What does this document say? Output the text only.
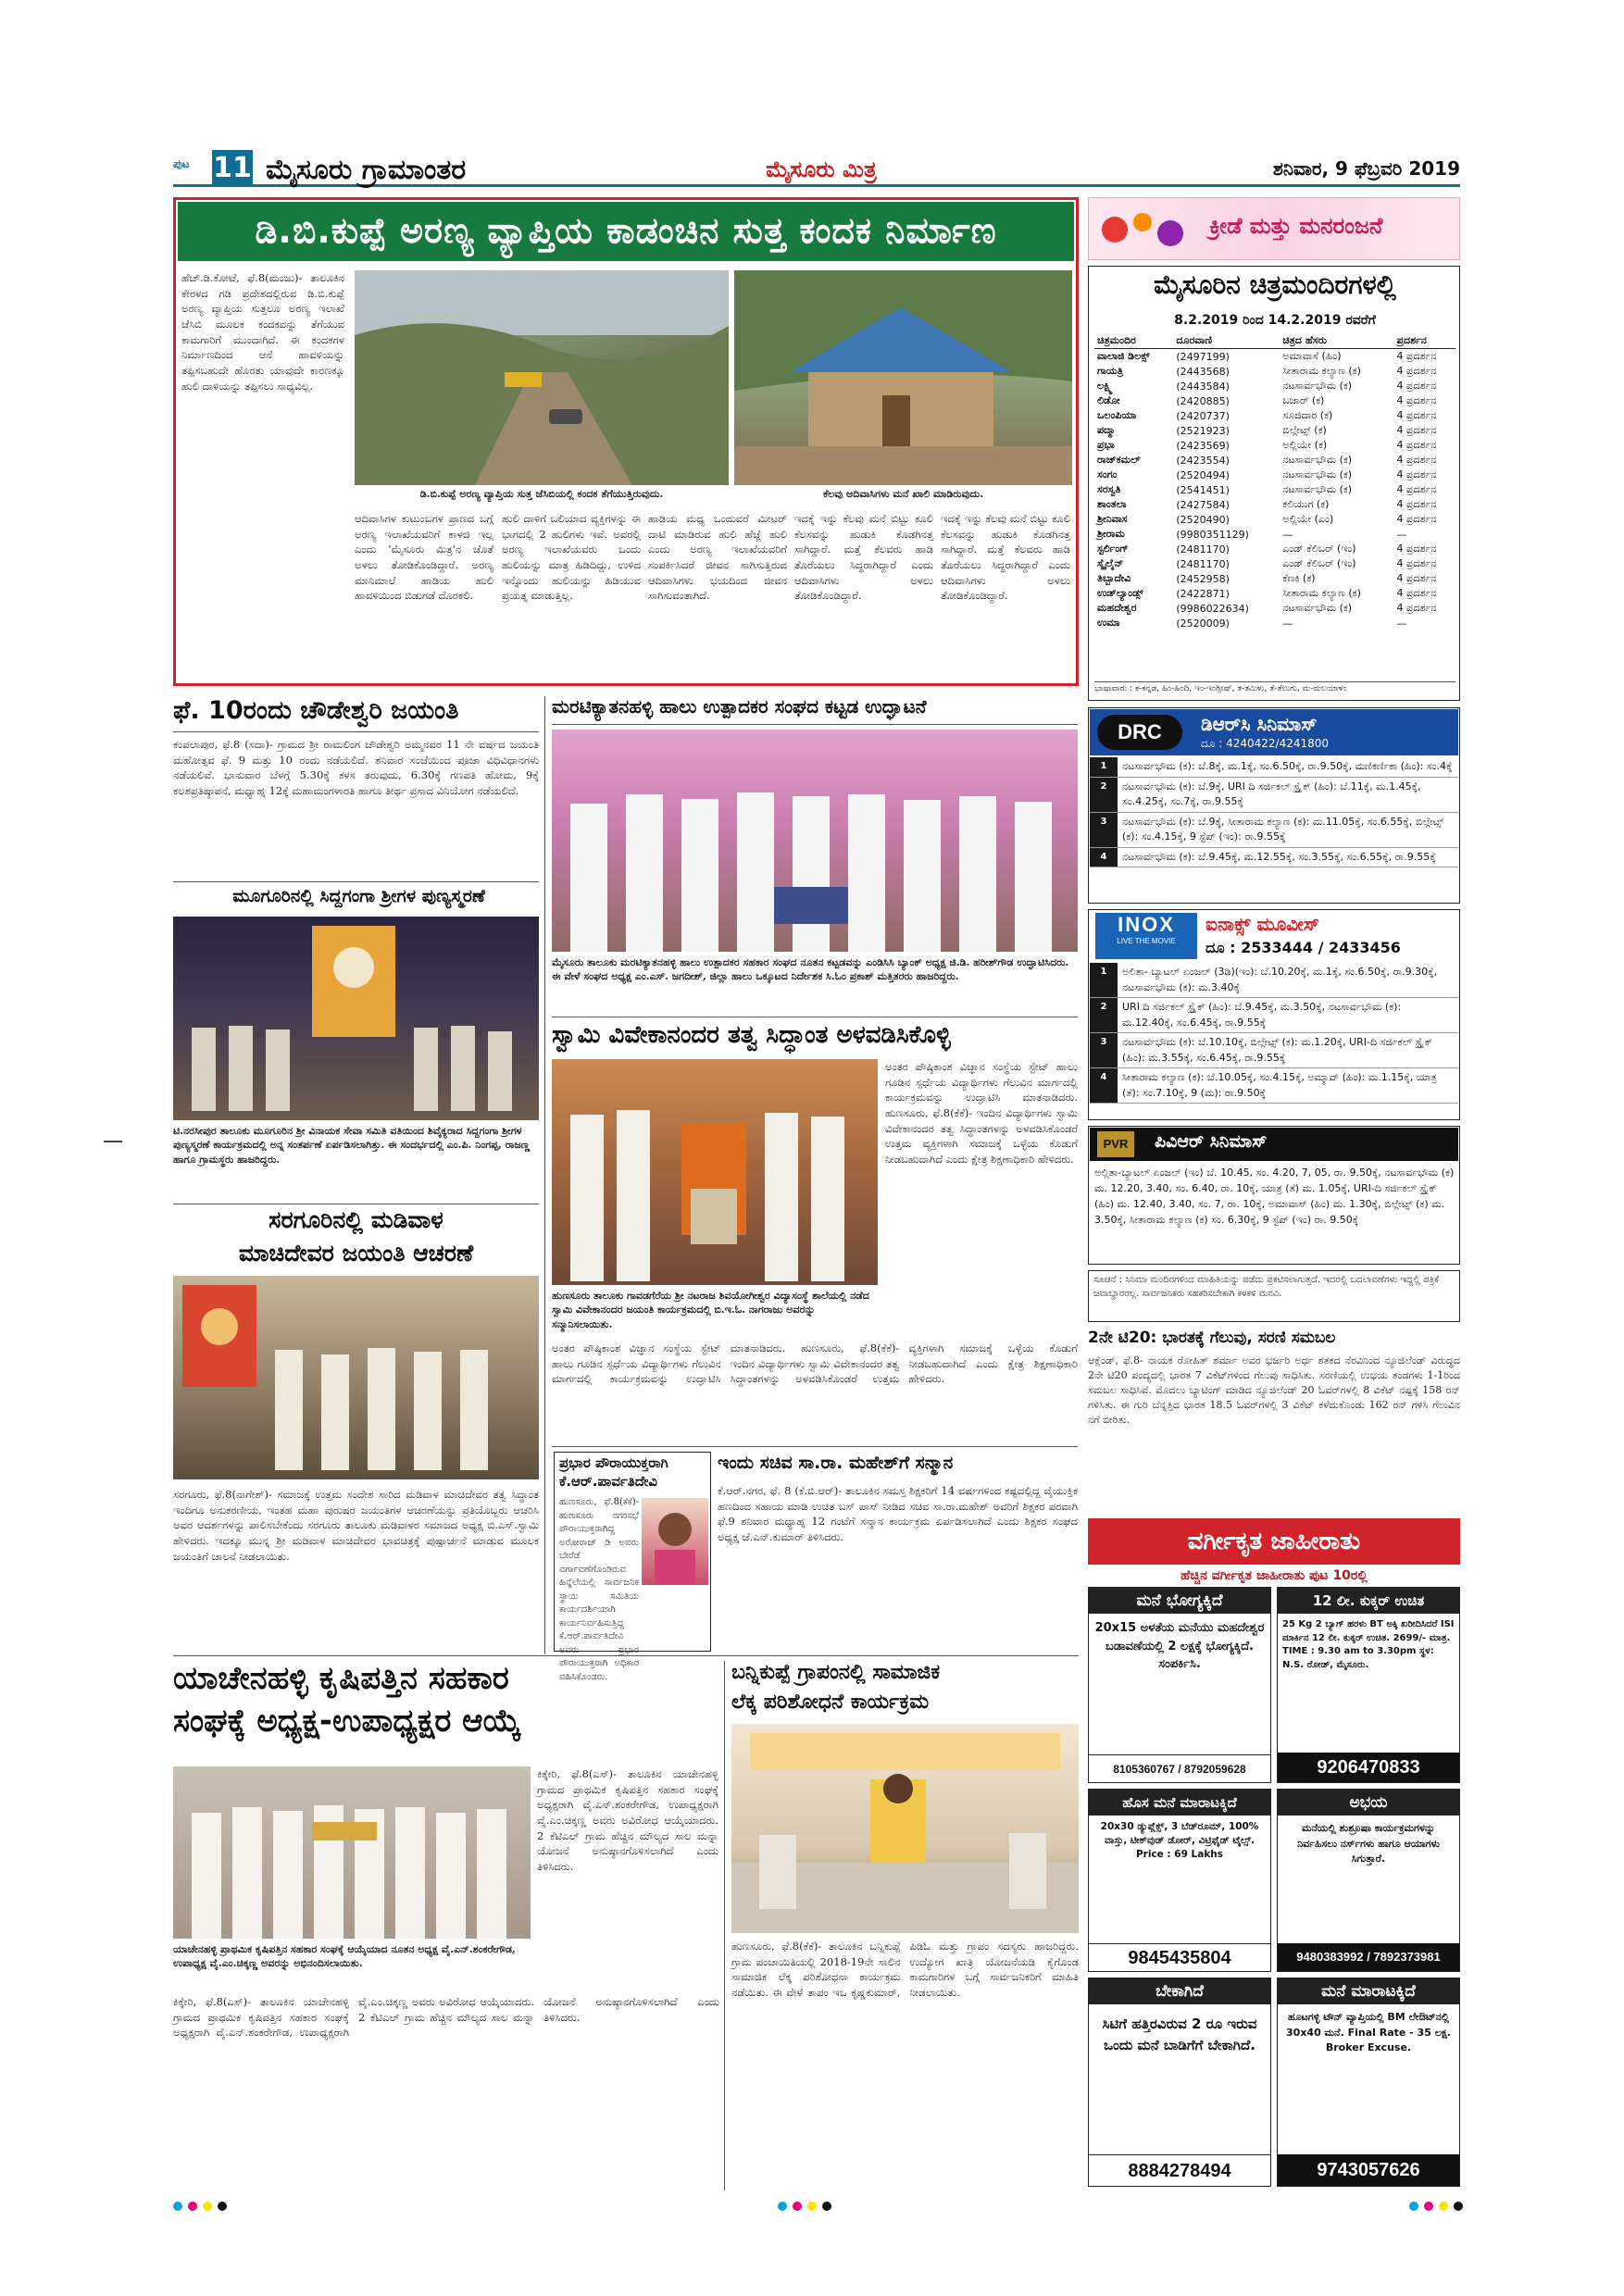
ಪುಟ 11 ಮೈಸೂರು ಗ್ರಾಮಾಂತರ	ಮೈಸೂರು ಮಿತ್ರ	ಶನಿವಾರ, 9 ಫೆಬ್ರವರಿ 2019
ಡಿ.ಬಿ.ಕುಪ್ಪೆ ಅರಣ್ಯ ವ್ಯಾಪ್ತಿಯ ಕಾಡಂಚಿನ ಸುತ್ತ ಕಂದಕ ನಿರ್ಮಾಣ
ಹೆಚ್.ಡಿ.ಕೋಟೆ, ಫೆ.8(ಮಂಜು)- ತಾಲೂಕಿನ ಕೇರಳದ ಗಡಿ ಪ್ರದೇಶದಲ್ಲಿರುವ ಡಿ.ಬಿ.ಕುಪ್ಪೆ ಅರಣ್ಯ ವ್ಯಾಪ್ತಿಯ ಸುತ್ತಲೂ ಅರಣ್ಯ ಇಲಾಖೆ ಜೆಸಿಬಿ ಮೂಲಕ ಕಂದಕವನ್ನು ತೆಗೆಯುವ ಕಾಮಗಾರಿಗೆ ಮುಂದಾಗಿದೆ. ಈ ಕಂದಕಗಳ ನಿರ್ಮಾಣದಿಂದ ಆನೆ ಹಾವಳಿಯನ್ನು ತಪ್ಪಿಸಬಹುದೇ ಹೊರತು ಯಾವುದೇ ಕಾರಣಕ್ಕೂ ಹುಲಿ ದಾಳಿಯನ್ನು ತಪ್ಪಿಸಲು ಸಾಧ್ಯವಿಲ್ಲ.
ಡಿ.ಬಿ.ಕುಪ್ಪೆ ಅರಣ್ಯ ವ್ಯಾಪ್ತಿಯ ಸುತ್ತ ಜೆಸಿಬಿಯಲ್ಲಿ ಕಂದಕ ತೆಗೆಯುತ್ತಿರುವುದು.	ಕೆಲವು ಆದಿವಾಸಿಗಳು ಮನೆ ಖಾಲಿ ಮಾಡಿರುವುದು.
ಆದಿವಾಸಿಗಳ ಕುಟುಂಬಗಳ ಪ್ರಾಣದ ಬಗ್ಗೆ ಅರಣ್ಯ ಇಲಾಖೆಯವರಿಗೆ ಕಾಳಜಿ ಇಲ್ಲ ಎಂದು 'ಮೈಸೂರು ಮಿತ್ರ'ನ ಜೊತೆ ಅಳಲು ತೋಡಿಕೊಂಡಿದ್ದಾರೆ. ಅರಣ್ಯ ಮಾನಿಮಾಲೆ ಹಾಡಿಯ ಹುಲಿ ಹಾವಳಿಯಿಂದ ಬಿಡುಗಡೆ ದೊರಕಲಿ.
ಹುಲಿ ದಾಳಿಗೆ ಬಲಿಯಾದ ವ್ಯಕ್ತಿಗಳನ್ನು ಈ ಭಾಗದಲ್ಲಿ 2 ಹುಲಿಗಳು ಇವೆ. ಅವರಲ್ಲಿ ಅರಣ್ಯ ಇಲಾಖೆಯವರು ಒಂದು ಹುಲಿಯನ್ನು ಮಾತ್ರ ಹಿಡಿದಿದ್ದು, ಉಳಿದ ಇನ್ನೊಂದು ಹುಲಿಯನ್ನು ಹಿಡಿಯುವ ಪ್ರಯತ್ನ ಮಾಡುತ್ತಿಲ್ಲ.
ಹಾಡಿಯ ಮಧ್ಯ ಒಂದುವರೆ ಮೀಟರ್ ದಾಟಿ ಮಾಡಿರುವ ಹುಲಿ ಹೆಜ್ಜೆ ಹುಲಿ ಎಂದು ಅರಣ್ಯ ಇಲಾಖೆಯವರಿಗೆ ಸಂಪರ್ಕಿಸಿದರೆ ಜೀವನ ಸಾಗಿಸುತ್ತಿರುವ ಆದಿವಾಸಿಗಳು ಭಯದಿಂದ ಜೀವನ ಸಾಗಿಸುವಂತಾಗಿದೆ.
ಇದಕ್ಕೆ ಇನ್ನು ಕೆಲವು ಮನೆ ಬಿಟ್ಟು ಕೂಲಿ ಕೆಲಸವನ್ನು ಹುಡುಕಿ ಕೊಡಗಿನತ್ತ ಸಾಗಿದ್ದಾರೆ. ಮತ್ತೆ ಕೆಲವರು ಹಾಡಿ ತೊರೆಯಲು ಸಿದ್ಧರಾಗಿದ್ದಾರೆ ಎಂದು ಆದಿವಾಸಿಗಳು ಅಳಲು ತೋಡಿಕೊಂಡಿದ್ದಾರೆ.
ಇದಕ್ಕೆ ಇನ್ನು ಕೆಲವು ಮನೆ ಬಿಟ್ಟು ಕೂಲಿ ಕೆಲಸವನ್ನು ಹುಡುಕಿ ಕೊಡಗಿನತ್ತ ಸಾಗಿದ್ದಾರೆ. ಮತ್ತೆ ಕೆಲವರು ಹಾಡಿ ತೊರೆಯಲು ಸಿದ್ಧರಾಗಿದ್ದಾರೆ ಎಂದು ಆದಿವಾಸಿಗಳು ಅಳಲು ತೋಡಿಕೊಂಡಿದ್ದಾರೆ.
ಫೆ. 10ರಂದು ಚೌಡೇಶ್ವರಿ ಜಯಂತಿ
ಕಂಪಲಾಪುರ, ಫೆ.8 (ಸದಾ)- ಗ್ರಾಮದ ಶ್ರೀ ರಾಮಲಿಂಗ ಚೌಡೇಶ್ವರಿ ಅಮ್ಮನವರ 11 ನೇ ವರ್ಷದ ಜಯಂತಿ ಮಹೋತ್ಸವ ಫೆ. 9 ಮತ್ತು 10 ರಂದು ನಡೆಯಲಿದೆ. ಶನಿವಾರ ಸಂಜೆಯಿಂದ ಪೂಜಾ ವಿಧಿವಿಧಾನಗಳು ನಡೆಯಲಿವೆ. ಭಾನುವಾರ ಬೆಳಗ್ಗೆ 5.30ಕ್ಕೆ ಕಳಸ ತರುವುದು, 6.30ಕ್ಕೆ ಗಣಪತಿ ಹೋಮ, 9ಕ್ಕೆ ಕಲಶಪ್ರತಿಷ್ಠಾಪನೆ, ಮಧ್ಯಾಹ್ನ 12ಕ್ಕೆ ಮಹಾಮಂಗಳಾರತಿ ಹಾಗೂ ತೀರ್ಥ ಪ್ರಸಾದ ವಿನಿಯೋಗ ನಡೆಯಲಿದೆ.
ಮೂಗೂರಿನಲ್ಲಿ ಸಿದ್ದಗಂಗಾ ಶ್ರೀಗಳ ಪುಣ್ಯಸ್ಮರಣೆ
ಟಿ.ನರಸೀಪುರ ತಾಲೂಕು ಮೂಗೂರಿನ ಶ್ರೀ ವಿನಾಯಕ ಸೇವಾ ಸಮಿತಿ ವತಿಯಿಂದ ಶಿವೈಕ್ಯರಾದ ಸಿದ್ದಗಂಗಾ ಶ್ರೀಗಳ ಪುಣ್ಯಸ್ಮರಣೆ ಕಾರ್ಯಕ್ರಮದಲ್ಲಿ ಅನ್ನ ಸಂತರ್ಪಣೆ ಏರ್ಪಡಿಸಲಾಗಿತ್ತು. ಈ ಸಂದರ್ಭದಲ್ಲಿ ಎಂ.ಪಿ. ನಿಂಗಪ್ಪ, ರಾಜಣ್ಣ ಹಾಗೂ ಗ್ರಾಮಸ್ಥರು ಹಾಜರಿದ್ದರು.
ಸರಗೂರಿನಲ್ಲಿ ಮಡಿವಾಳ
ಮಾಚಿದೇವರ ಜಯಂತಿ ಆಚರಣೆ
ಸರಗೂರು, ಫೆ.8(ನಾಗೇಶ್)- ಸಮಾಜಕ್ಕೆ ಉತ್ತಮ ಸಂದೇಶ ಸಾರಿದ ಮಡಿವಾಳ ಮಾಚಿದೇವರ ತತ್ವ ಸಿದ್ಧಾಂತ ಇಂದಿಗೂ ಅನುಕರಣೀಯ, ಇಂತಹ ಮಹಾ ಪುರುಷರ ಜಯಂತಿಗಳ ಆಚರಣೆಯನ್ನು ಪ್ರತಿಯೊಬ್ಬರು ಆಚರಿಸಿ ಅವರ ಆದರ್ಶಗಳನ್ನು ಪಾಲಿಸಬೇಕೆಂದು ಸರಗೂರು ತಾಲೂಕು ಮಡಿವಾಳರ ಸಮಾಜದ ಅಧ್ಯಕ್ಷ ಬಿ.ಎಸ್.ಸ್ವಾಮಿ ಹೇಳಿದರು. ಇದಕ್ಕೂ ಮುನ್ನ ಶ್ರೀ ಮಡಿವಾಳ ಮಾಚಿದೇವರ ಭಾವಚಿತ್ರಕ್ಕೆ ಪುಷ್ಪಾರ್ಚನೆ ಮಾಡುವ ಮೂಲಕ ಜಯಂತಿಗೆ ಚಾಲನೆ ನೀಡಲಾಯಿತು.
ಮರಟಿಕ್ಯಾತನಹಳ್ಳಿ ಹಾಲು ಉತ್ಪಾದಕರ ಸಂಘದ ಕಟ್ಟಡ ಉದ್ಘಾಟನೆ
ಮೈಸೂರು ತಾಲೂಕು ಮರಟಿಕ್ಯಾತನಹಳ್ಳಿ ಹಾಲು ಉತ್ಪಾದಕರ ಸಹಕಾರ ಸಂಘದ ನೂತನ ಕಟ್ಟಡವನ್ನು ಎಂಡಿಸಿಸಿ ಬ್ಯಾಂಕ್ ಅಧ್ಯಕ್ಷ ಜಿ.ಡಿ. ಹರೀಶ್‌ಗೌಡ ಉದ್ಘಾಟಿಸಿದರು. ಈ ವೇಳೆ ಸಂಘದ ಅಧ್ಯಕ್ಷ ಎಂ.ಎಸ್. ಜಗದೀಶ್, ಜಿಲ್ಲಾ ಹಾಲು ಒಕ್ಕೂಟದ ನಿರ್ದೇಶಕ ಸಿ.ಓಂ ಪ್ರಕಾಶ್ ಮತ್ತಿತರರು ಹಾಜರಿದ್ದರು.
ಸ್ವಾಮಿ ವಿವೇಕಾನಂದರ ತತ್ವ ಸಿದ್ಧಾಂತ ಅಳವಡಿಸಿಕೊಳ್ಳಿ
ಹುಣಸೂರು ತಾಲೂಕು ಗಾವಡಗೆರೆಯ ಶ್ರೀ ನಟರಾಜ ಶಿವಯೋಗೀಶ್ವರ ವಿದ್ಯಾಸಂಸ್ಥೆ ಶಾಲೆಯಲ್ಲಿ ನಡೆದ ಸ್ವಾಮಿ ವಿವೇಕಾನಂದರ ಜಯಂತಿ ಕಾರ್ಯಕ್ರಮದಲ್ಲಿ ಬಿ.ಇ.ಓ. ನಾಗರಾಜು ಅವರನ್ನು ಸನ್ಮಾನಿಸಲಾಯಿತು.
ಅಂತರ ಪೌಷ್ಠಿಕಾಂಶ ವಿಜ್ಞಾನ ಸಂಸ್ಥೆಯ ಸ್ಟೇಟ್ ಹಾಲು ಗೂಡಿನ ಸ್ಪರ್ಧೆಯ ವಿದ್ಯಾರ್ಥಿಗಳು ಗೆಲುವಿನ ಮಾರ್ಗದಲ್ಲಿ ಕಾರ್ಯಕ್ರಮವನ್ನು ಉದ್ಘಾಟಿಸಿ ಮಾತನಾಡಿದರು. ಹುಣಸೂರು, ಫೆ.8(ಕೆಕೆ)- ಇಂದಿನ ವಿದ್ಯಾರ್ಥಿಗಳು ಸ್ವಾಮಿ ವಿವೇಕಾನಂದರ ತತ್ವ ಸಿದ್ಧಾಂತಗಳನ್ನು ಅಳವಡಿಸಿಕೊಂಡರೆ ಉತ್ತಮ ವ್ಯಕ್ತಿಗಳಾಗಿ ಸಮಾಜಕ್ಕೆ ಒಳ್ಳೆಯ ಕೊಡುಗೆ ನೀಡಬಹುದಾಗಿದೆ ಎಂದು ಕ್ಷೇತ್ರ ಶಿಕ್ಷಣಾಧಿಕಾರಿ ಹೇಳಿದರು.
ಅಂತರ ಪೌಷ್ಠಿಕಾಂಶ ವಿಜ್ಞಾನ ಸಂಸ್ಥೆಯ ಸ್ಟೇಟ್ ಹಾಲು ಗೂಡಿನ ಸ್ಪರ್ಧೆಯ ವಿದ್ಯಾರ್ಥಿಗಳು ಗೆಲುವಿನ ಮಾರ್ಗದಲ್ಲಿ ಕಾರ್ಯಕ್ರಮವನ್ನು ಉದ್ಘಾಟಿಸಿ ಮಾತನಾಡಿದರು. ಹುಣಸೂರು, ಫೆ.8(ಕೆಕೆ)- ಇಂದಿನ ವಿದ್ಯಾರ್ಥಿಗಳು ಸ್ವಾಮಿ ವಿವೇಕಾನಂದರ ತತ್ವ ಸಿದ್ಧಾಂತಗಳನ್ನು ಅಳವಡಿಸಿಕೊಂಡರೆ ಉತ್ತಮ ವ್ಯಕ್ತಿಗಳಾಗಿ ಸಮಾಜಕ್ಕೆ ಒಳ್ಳೆಯ ಕೊಡುಗೆ ನೀಡಬಹುದಾಗಿದೆ ಎಂದು ಕ್ಷೇತ್ರ ಶಿಕ್ಷಣಾಧಿಕಾರಿ ಹೇಳಿದರು.
ಪ್ರಭಾರ ಪೌರಾಯುಕ್ತರಾಗಿ
ಕೆ.ಆರ್.ಪಾರ್ವತಿದೇವಿ
ಹುಣಸೂರು, ಫೆ.8(ಕೆಕೆ)- ಹುಣಸೂರು ನಗರಸಭೆ ಪೌರಾಯುಕ್ತರಾಗಿದ್ದ ಅರೋರಾಜ್ ಡಿ ಅವರು ಬೇರೆಡೆ ವರ್ಗಾವಣೆಗೊಂಡಿರುವ ಹಿನ್ನೆಲೆಯಲ್ಲಿ ಸಾರ್ವಜನಿಕ ಸ್ಥಾಯಿ ಸಮಿತಿಯ ಕಾರ್ಯದರ್ಶಿಯಾಗಿ ಕಾರ್ಯನಿರ್ವಹಿಸುತ್ತಿದ್ದ ಕೆ.ಆರ್.ಪಾರ್ವತಿದೇವಿ ಅವರು ಪ್ರಭಾರ ಪೌರಾಯುಕ್ತರಾಗಿ ಅಧಿಕಾರ ವಹಿಸಿಕೊಂಡರು.
ಇಂದು ಸಚಿವ ಸಾ.ರಾ. ಮಹೇಶ್‌ಗೆ ಸನ್ಮಾನ
ಕೆ.ಆರ್.ನಗರ, ಫೆ. 8 (ಕೆ.ಬಿ.ಆರ್)- ತಾಲೂಕಿನ ಸಮಸ್ತ ಶಿಕ್ಷಕರಿಗೆ 14 ವರ್ಷಗಳಿಂದ ಕಷ್ಟದಲ್ಲಿದ್ದ ವೈಯುಕ್ತಿಕ ಹಣದಿಂದ ಸಹಾಯ ಮಾಡಿ ಉಚಿತ ಬಸ್ ಪಾಸ್ ನೀಡಿದ ಸಚಿವ ಸಾ.ರಾ.ಮಹೇಶ್ ಅವರಿಗೆ ಶಿಕ್ಷಕರ ಪರವಾಗಿ ಫೆ.9 ಶನಿವಾರ ಮಧ್ಯಾಹ್ನ 12 ಗಂಟೆಗೆ ಸನ್ಮಾನ ಕಾರ್ಯಕ್ರಮ ಏರ್ಪಡಿಸಲಾಗಿದೆ ಎಂದು ಶಿಕ್ಷಕರ ಸಂಘದ ಅಧ್ಯಕ್ಷ ಜೆ.ಎನ್.ಕುಮಾರ್ ತಿಳಿಸಿದರು.
ಯಾಚೇನಹಳ್ಳಿ ಕೃಷಿಪತ್ತಿನ ಸಹಕಾರ
ಸಂಘಕ್ಕೆ ಅಧ್ಯಕ್ಷ-ಉಪಾಧ್ಯಕ್ಷರ ಆಯ್ಕೆ
ಯಾಚೇನಹಳ್ಳಿ ಪ್ರಾಥಮಿಕ ಕೃಷಿಪತ್ತಿನ ಸಹಕಾರ ಸಂಘಕ್ಕೆ ಆಯ್ಕೆಯಾದ ನೂತನ ಅಧ್ಯಕ್ಷ ವೈ.ಎನ್.ಶಂಕರೇಗೌಡ, ಉಪಾಧ್ಯಕ್ಷ ವೈ.ಎಂ.ಚಿಕ್ಕಣ್ಣ ಅವರನ್ನು ಅಭಿನಂದಿಸಲಾಯಿತು.
ಕಿಕ್ಕೇರಿ, ಫೆ.8(ಎಸ್)- ತಾಲೂಕಿನ ಯಾಚೇನಹಳ್ಳಿ ಗ್ರಾಮದ ಪ್ರಾಥಮಿಕ ಕೃಷಿಪತ್ತಿನ ಸಹಕಾರ ಸಂಘಕ್ಕೆ ಅಧ್ಯಕ್ಷರಾಗಿ ವೈ.ಎನ್.ಶಂಕರೇಗೌಡ, ಉಪಾಧ್ಯಕ್ಷರಾಗಿ ವೈ.ಎಂ.ಚಿಕ್ಕಣ್ಣ ಅವರು ಅವಿರೋಧ ಆಯ್ಕೆಯಾದರು. 2 ಕೆಟಿಎಲ್ ಗ್ರಾಮ ಹೆಚ್ಚಿನ ಮೌಲ್ಯದ ಸಾಲ ಮನ್ನಾ ಯೋಜನೆ ಅನುಷ್ಠಾನಗೊಳಿಸಲಾಗಿದೆ ಎಂದು ತಿಳಿಸಿದರು.
ಕಿಕ್ಕೇರಿ, ಫೆ.8(ಎಸ್)- ತಾಲೂಕಿನ ಯಾಚೇನಹಳ್ಳಿ ಗ್ರಾಮದ ಪ್ರಾಥಮಿಕ ಕೃಷಿಪತ್ತಿನ ಸಹಕಾರ ಸಂಘಕ್ಕೆ ಅಧ್ಯಕ್ಷರಾಗಿ ವೈ.ಎನ್.ಶಂಕರೇಗೌಡ, ಉಪಾಧ್ಯಕ್ಷರಾಗಿ ವೈ.ಎಂ.ಚಿಕ್ಕಣ್ಣ ಅವರು ಅವಿರೋಧ ಆಯ್ಕೆಯಾದರು. 2 ಕೆಟಿಎಲ್ ಗ್ರಾಮ ಹೆಚ್ಚಿನ ಮೌಲ್ಯದ ಸಾಲ ಮನ್ನಾ ಯೋಜನೆ ಅನುಷ್ಠಾನಗೊಳಿಸಲಾಗಿದೆ ಎಂದು ತಿಳಿಸಿದರು.
ಬನ್ನಿಕುಪ್ಪೆ ಗ್ರಾಪಂನಲ್ಲಿ ಸಾಮಾಜಿಕ
ಲೆಕ್ಕ ಪರಿಶೋಧನೆ ಕಾರ್ಯಕ್ರಮ
ಹುಣಸೂರು, ಫೆ.8(ಕೆಕೆ)- ತಾಲೂಕಿನ ಬನ್ನಿಕುಪ್ಪೆ ಗ್ರಾಮ ಪಂಚಾಯಿತಿಯಲ್ಲಿ 2018-19ನೇ ಸಾಲಿನ ಸಾಮಾಜಿಕ ಲೆಕ್ಕ ಪರಿಶೋಧನಾ ಕಾರ್ಯಕ್ರಮ ನಡೆಯಿತು. ಈ ವೇಳೆ ತಾಪಂ ಇಒ ಕೃಷ್ಣಕುಮಾರ್, ಪಿಡಿಓ ಮತ್ತು ಗ್ರಾಪಂ ಸದಸ್ಯರು ಹಾಜರಿದ್ದರು. ಉದ್ಯೋಗ ಖಾತ್ರಿ ಯೋಜನೆಯಡಿ ಕೈಗೊಂಡ ಕಾಮಗಾರಿಗಳ ಬಗ್ಗೆ ಸಾರ್ವಜನಿಕರಿಗೆ ಮಾಹಿತಿ ನೀಡಲಾಯಿತು.
ಕ್ರೀಡೆ ಮತ್ತು ಮನರಂಜನೆ
ಮೈಸೂರಿನ ಚಿತ್ರಮಂದಿರಗಳಲ್ಲಿ
8.2.2019 ರಿಂದ 14.2.2019 ರವರೆಗೆ
ಚಿತ್ರಮಂದಿರ	ದೂರವಾಣಿ	ಚಿತ್ರದ ಹೆಸರು	ಪ್ರದರ್ಶನ
ವಾಲಾಜಿ ಡಿಲಕ್ಸ್	(2497199)	ಅಮಾವಾಸೆ (ಹಿಂ)	4 ಪ್ರದರ್ಶನ
ಗಾಯತ್ರಿ	(2443568)	ಸೀತಾರಾಮ ಕಲ್ಯಾಣ (ಕ)	4 ಪ್ರದರ್ಶನ
ಲಕ್ಷ್ಮಿ	(2443584)	ನಟಸಾರ್ವಭೌಮ (ಕ)	4 ಪ್ರದರ್ಶನ
ಲಿಡೋ	(2420885)	ಬಜಾರ್ (ಕ)	4 ಪ್ರದರ್ಶನ
ಒಲಂಪಿಯಾ	(2420737)	ಸೂಜಿದಾರ (ಕ)	4 ಪ್ರದರ್ಶನ
ಪದ್ಮಾ	(2521923)	ಬಿಲ್ಗೇಟ್ಸ್ (ಕ)	4 ಪ್ರದರ್ಶನ
ಪ್ರಭಾ	(2423569)	ಅಲ್ಲಿಯೇ (ಕ)	4 ಪ್ರದರ್ಶನ
ರಾಜ್‌ಕಮಲ್	(2423554)	ನಟಸಾರ್ವಭೌಮ (ಕ)	4 ಪ್ರದರ್ಶನ
ಸಂಗಂ	(2520494)	ನಟಸಾರ್ವಭೌಮ (ಕ)	4 ಪ್ರದರ್ಶನ
ಸರಸ್ವತಿ	(2541451)	ನಟಸಾರ್ವಭೌಮ (ಕ)	4 ಪ್ರದರ್ಶನ
ಶಾಂತಲಾ	(2427584)	ಕಲಿಯುಗ (ಕ)	4 ಪ್ರದರ್ಶನ
ಶ್ರೀನಿವಾಸ	(2520490)	ಅಲ್ಲಿಯೇ (ಎಂ)	4 ಪ್ರದರ್ಶನ
ಶ್ರೀರಾಮ	(9980351129)	—	—
ಸ್ಟರ್ಲಿಂಗ್	(2481170)	ಎಂಡ್ ಕೆಲಿಬರ್ (ಇಂ)	4 ಪ್ರದರ್ಶನ
ಸ್ಕೈಲೈನ್	(2481170)	ಎಂಡ್ ಕೆಲಿಬರ್ (ಇಂ)	4 ಪ್ರದರ್ಶನ
ತಿಬ್ಬಾದೇವಿ	(2452958)	ಕೆಣಕಿ (ಕ)	4 ಪ್ರದರ್ಶನ
ಉಡ್‌ಲ್ಯಾಂಡ್ಸ್	(2422871)	ಸೀತಾರಾಮ ಕಲ್ಯಾಣ (ಕ)	4 ಪ್ರದರ್ಶನ
ಮಹದೇಶ್ವರ	(9986022634)	ನಟಸಾರ್ವಭೌಮ (ಕ)	4 ಪ್ರದರ್ಶನ
ಉಮಾ	(2520009)	—	—
ಭಾಷಾವಾರು : ಕ-ಕನ್ನಡ, ಹಿಂ-ಹಿಂದಿ, ಇಂ-ಇಂಗ್ಲೀಷ್, ತ-ತಮಿಳು, ತೆ-ತೆಲುಗು, ಮ-ಮಲಯಾಳಂ
DRC	ಡಿಆರ್‌ಸಿ ಸಿನಿಮಾಸ್
ದೂ : 4240422/4241800
1	ನಟಸಾರ್ವಭೌಮ (ಕ): ಬೆ.8ಕ್ಕೆ, ಮ.1ಕ್ಕೆ, ಸಂ.6.50ಕ್ಕೆ, ರಾ.9.50ಕ್ಕೆ, ಮಣಿಕರ್ಣಿಕಾ (ಹಿಂ): ಸಂ.4ಕ್ಕೆ
2	ನಟಸಾರ್ವಭೌಮ (ಕ): ಬೆ.9ಕ್ಕೆ, URI ದಿ ಸರ್ಜಿಕಲ್ ಸ್ಟ್ರೈಕ್ (ಹಿಂ): ಬೆ.11ಕ್ಕೆ, ಮ.1.45ಕ್ಕೆ, ಸಂ.4.25ಕ್ಕೆ, ಸಂ.7ಕ್ಕೆ, ರಾ.9.55ಕ್ಕೆ
3	ನಟಸಾರ್ವಭೌಮ (ಕ): ಬೆ.9ಕ್ಕೆ, ಸೀತಾರಾಮ ಕಲ್ಯಾಣ (ಕ): ಮ.11.05ಕ್ಕೆ, ಸಂ.6.55ಕ್ಕೆ, ಬಿಲ್ಗೇಟ್ಸ್ (ಕ): ಸಂ.4.15ಕ್ಕೆ, 9 ಸ್ಟೆಪ್ (ಇಂ): ರಾ.9.55ಕ್ಕೆ
4	ನಟಸಾರ್ವಭೌಮ (ಕ): ಬೆ.9.45ಕ್ಕೆ, ಮ.12.55ಕ್ಕೆ, ಸಂ.3.55ಕ್ಕೆ, ಸಂ.6.55ಕ್ಕೆ, ರಾ.9.55ಕ್ಕೆ
INOX
LIVE THE MOVIE
ಐನಾಕ್ಸ್ ಮೂವೀಸ್
ದೂ : 2533444 / 2433456
1	ಅಲಿತಾ- ಬ್ಯಾಟಲ್ ಏಂಜಲ್ (3ಡಿ)(ಇಂ): ಬೆ.10.20ಕ್ಕೆ, ಮ.1ಕ್ಕೆ, ಸಂ.6.50ಕ್ಕೆ, ರಾ.9.30ಕ್ಕೆ, ನಟಸಾರ್ವಭೌಮ (ಕ): ಮ.3.40ಕ್ಕೆ
2	URI ದಿ ಸರ್ಜಿಕಲ್ ಸ್ಟ್ರೈಕ್ (ಹಿಂ): ಬೆ.9.45ಕ್ಕೆ, ಮ.3.50ಕ್ಕೆ, ನಟಸಾರ್ವಭೌಮ (ಕ): ಮ.12.40ಕ್ಕೆ, ಸಂ.6.45ಕ್ಕೆ, ರಾ.9.55ಕ್ಕೆ
3	ನಟಸಾರ್ವಭೌಮ (ಕ): ಬೆ.10.10ಕ್ಕೆ, ಬಿಲ್ಗೇಟ್ಸ್ (ಕ): ಮ.1.20ಕ್ಕೆ, URI-ದಿ ಸರ್ಜಿಕಲ್ ಸ್ಟ್ರೈಕ್ (ಹಿಂ): ಮ.3.55ಕ್ಕೆ, ಸಂ.6.45ಕ್ಕೆ, ರಾ.9.55ಕ್ಕೆ
4	ಸೀತಾರಾಮ ಕಲ್ಯಾಣ (ಕ): ಬೆ.10.05ಕ್ಕೆ, ಸಂ.4.15ಕ್ಕೆ, ಅಮ್ಮಾವ್ (ಹಿಂ): ಮ.1.15ಕ್ಕೆ, ಯಾತ್ರ (ತೆ): ಸಂ.7.10ಕ್ಕೆ, 9 (ಮ): ರಾ.9.50ಕ್ಕೆ
PVR	ಪಿವಿಆರ್ ಸಿನಿಮಾಸ್
ಅಲ್ಲಿತಾ-ಬ್ಯಾಟಲ್ ಏಂಜಲ್ (ಇಂ) ಬೆ. 10.45, ಸಂ. 4.20, 7, 05, ರಾ. 9.50ಕ್ಕೆ, ನಟಸಾರ್ವಭೌಮ (ಕ) ಮ. 12.20, 3.40, ಸಂ. 6.40, ರಾ. 10ಕ್ಕೆ, ಯಾತ್ರ (ತೆ) ಮ. 1.05ಕ್ಕೆ, URI-ದಿ ಸರ್ಜಿಕಲ್ ಸ್ಟ್ರೈಕ್ (ಹಿಂ) ಮ. 12.40, 3.40, ಸಂ. 7, ರಾ. 10ಕ್ಕೆ, ಅಮಾವಾಸ್ (ಹಿಂ) ಮ. 1.30ಕ್ಕೆ, ಬಿಲ್ಗೇಟ್ಸ್ (ಕ) ಮ. 3.50ಕ್ಕೆ, ಸೀತಾರಾಮ ಕಲ್ಯಾಣ (ಕ) ಸಂ. 6.30ಕ್ಕೆ, 9 ಸ್ಟೆಪ್ (ಇಂ) ರಾ. 9.50ಕ್ಕೆ
ಸೂಚನೆ : ಸಿನಿಮಾ ಮಂದಿರಗಳಿಂದ ಮಾಹಿತಿಯನ್ನು ಪಡೆದು ಪ್ರಕಟಿಸಲಾಗುತ್ತದೆ. ಇದರಲ್ಲಿ ಬದಲಾವಣೆಗಳು ಇದ್ದಲ್ಲಿ ಪತ್ರಿಕೆ ಜವಾಬ್ದಾರರಲ್ಲ. ಸಾರ್ವಜನಿಕರು ಸಹಕರಿಸಬೇಕಾಗಿ ಕಳಕಳಿ ಮನವಿ.
2ನೇ ಟಿ20: ಭಾರತಕ್ಕೆ ಗೆಲುವು, ಸರಣಿ ಸಮಬಲ
ಆಕ್ಲೆಂಡ್, ಫೆ.8- ನಾಯಕ ರೋಹಿತ್ ಶರ್ಮಾ ಅವರ ಭರ್ಜರಿ ಅರ್ಧ ಶತಕದ ನೆರವಿನಿಂದ ನ್ಯೂಜಿಲೆಂಡ್ ವಿರುದ್ಧದ 2ನೇ ಟಿ20 ಪಂದ್ಯದಲ್ಲಿ ಭಾರತ 7 ವಿಕೆಟ್‌ಗಳಿಂದ ಗೆಲುವು ಸಾಧಿಸಿತು. ಸರಣಿಯಲ್ಲಿ ಉಭಯ ತಂಡಗಳು 1-1ರಿಂದ ಸಮಬಲ ಸಾಧಿಸಿವೆ. ಮೊದಲು ಬ್ಯಾಟಿಂಗ್ ಮಾಡಿದ ನ್ಯೂಜಿಲೆಂಡ್ 20 ಓವರ್‌ಗಳಲ್ಲಿ 8 ವಿಕೆಟ್ ನಷ್ಟಕ್ಕೆ 158 ರನ್ ಗಳಿಸಿತು. ಈ ಗುರಿ ಬೆನ್ನತ್ತಿದ ಭಾರತ 18.5 ಓವರ್‌ಗಳಲ್ಲಿ 3 ವಿಕೆಟ್ ಕಳೆದುಕೊಂಡು 162 ರನ್ ಗಳಿಸಿ ಗೆಲುವಿನ ನಗೆ ಬೀರಿತು.
ವರ್ಗೀಕೃತ ಜಾಹೀರಾತು
ಹೆಚ್ಚಿನ ವರ್ಗೀಕೃತ ಜಾಹೀರಾತು ಪುಟ 10ರಲ್ಲಿ
ಮನೆ ಭೋಗ್ಯಕ್ಕಿದೆ
20x15 ಅಳತೆಯ ಮನೆಯು ಮಹದೇಶ್ವರ ಬಡಾವಣೆಯಲ್ಲಿ 2 ಲಕ್ಷಕ್ಕೆ ಭೋಗ್ಯಕ್ಕಿದೆ. ಸಂಪರ್ಕಿಸಿ.
8105360767 / 8792059628
12 ಲೀ. ಕುಕ್ಕರ್ ಉಚಿತ
25 Kg 2 ಬ್ಯಾಗ್ ಹರಳು BT ಅಕ್ಕಿ ಖರೀದಿಸಿದರೆ ISI ಮಾರ್ಕಿನ 12 ಲೀ. ಕುಕ್ಕರ್ ಉಚಿತ. 2699/- ಮಾತ್ರ. TIME : 9.30 am to 3.30pm ಸ್ಥಳ: N.S. ರೋಡ್, ಮೈಸೂರು.
9206470833
ಹೊಸ ಮನೆ ಮಾರಾಟಕ್ಕಿದೆ
20x30 ಡ್ಯುಪ್ಲೆಕ್ಸ್, 3 ಬೆಡ್‌ರೂಮ್, 100% ವಾಸ್ತು, ಟೀಕ್‌ವುಡ್ ಡೋರ್, ವಿಟ್ರಿಫೈಡ್ ಟೈಲ್ಸ್. Price : 69 Lakhs
9845435804
ಅಭಯ
ಮನೆಯಲ್ಲಿ ಶುಶ್ರೂಷಾ ಕಾರ್ಯಕ್ರಮಗಳನ್ನು ನಿರ್ವಹಿಸಲು ನರ್ಸ್‌ಗಳು ಹಾಗೂ ಆಯಾಗಳು ಸಿಗುತ್ತಾರೆ.
9480383992 / 7892373981
ಬೇಕಾಗಿದೆ
ಸಿಟಿಗೆ ಹತ್ತಿರವಿರುವ 2 ರೂ ಇರುವ ಒಂದು ಮನೆ ಬಾಡಿಗೆಗೆ ಬೇಕಾಗಿದೆ.
8884278494
ಮನೆ ಮಾರಾಟಕ್ಕಿದೆ
ಹೂಟಗಳ್ಳಿ ಟೌನ್ ವ್ಯಾಪ್ತಿಯಲ್ಲಿ BM ಲೇಔಟ್‌ನಲ್ಲಿ 30x40 ಮನೆ. Final Rate - 35 ಲಕ್ಷ. Broker Excuse.
9743057626
